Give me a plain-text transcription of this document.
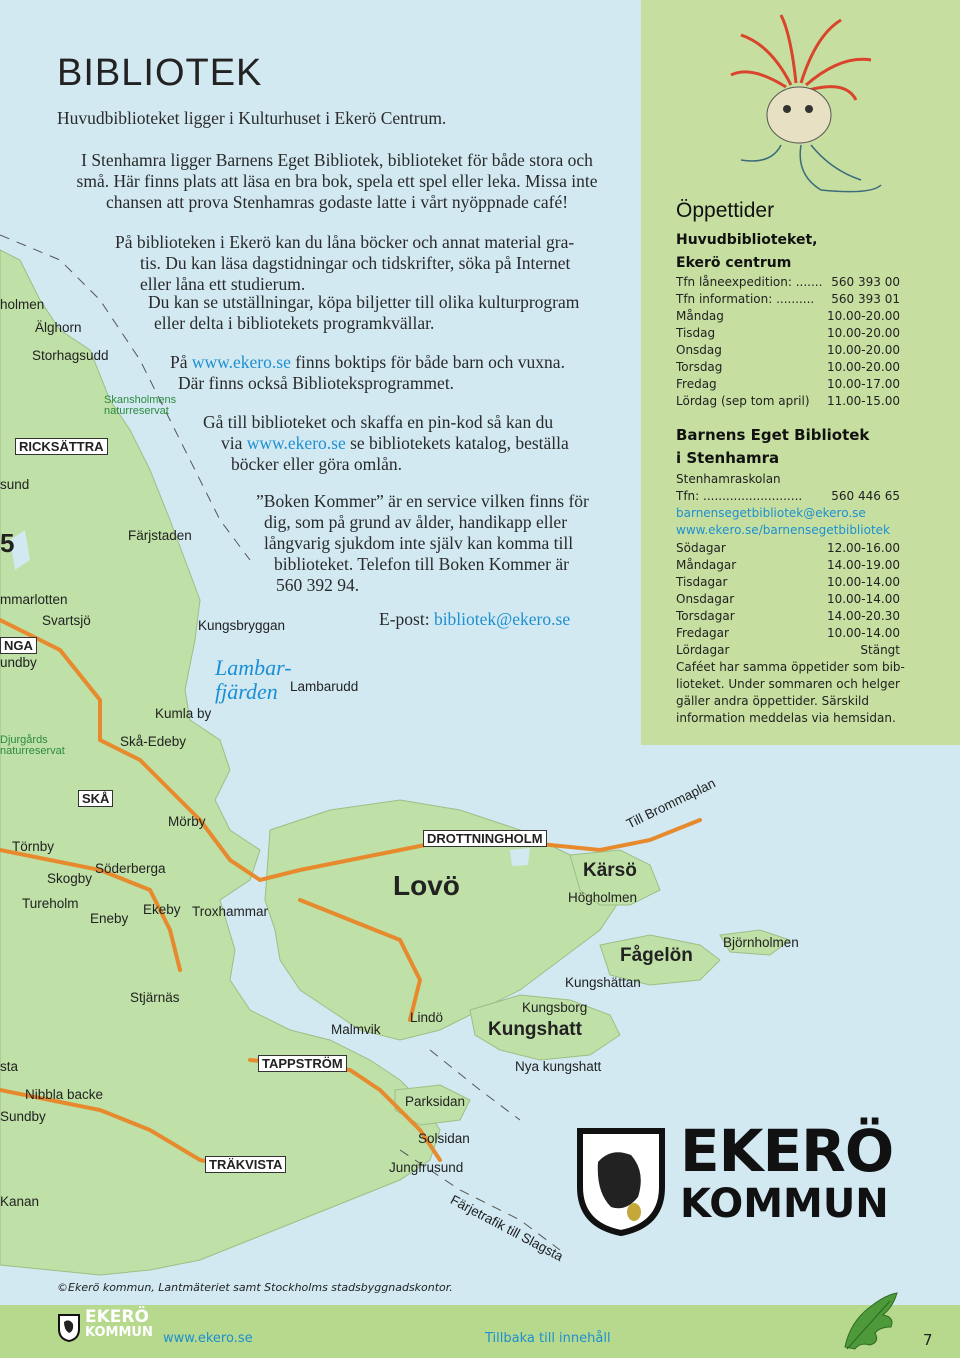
BIBLIOTEK
Huvudbiblioteket ligger i Kulturhuset i Ekerö Centrum.
I Stenhamra ligger Barnens Eget Bibliotek, biblioteket för både stora och
små. Här finns plats att läsa en bra bok, spela ett spel eller leka. Missa inte
chansen att prova Stenhamras godaste latte i vårt nyöppnade café!
På biblioteken i Ekerö kan du låna böcker och annat material gra-
tis. Du kan läsa dagstidningar och tidskrifter, söka på Internet
eller låna ett studierum.
Du kan se utställningar, köpa biljetter till olika kulturprogram
eller delta i bibliotekets programkvällar.
På www.ekero.se finns boktips för både barn och vuxna.
Där finns också Biblioteksprogrammet.
Gå till biblioteket och skaffa en pin-kod så kan du
via www.ekero.se se bibliotekets katalog, beställa
böcker eller göra omlån.
”Boken Kommer” är en service vilken finns för
dig, som på grund av ålder, handikapp eller
långvarig sjukdom inte själv kan komma till
biblioteket. Telefon till Boken Kommer är
560 392 94.
E-post: bibliotek@ekero.se
holmen
Älghorn
Storhagsudd
Skansholmens
naturreservat
RICKSÄTTRA
sund
5	Färjstaden
mmarlotten
Svartsjö
NGA
undby
Kungsbryggan
Lambar-
fjärden Lambarudd
Kumla by
Djurgårds
naturreservat
Skå-Edeby
SKÅ
Mörby
Törnby
Söderberga
Skogby
Tureholm
Eneby
Ekeby Troxhammar
Stjärnäs
DROTTNINGHOLM
Lovö	Kärsö
Högholmen
Till Brommaplan
Fågelön
Björnholmen
Kungshättan
Kungsborg
Kungshatt
Nya kungshatt
Malmvik
Lindö
TAPPSTRÖM
sta
Nibbla backe
Sundby
Parksidan
Solsidan
TRÄKVISTA	Jungfrusund
Kanan	Färjetrafik till Slagsta
Öppettider
Huvudbiblioteket,
Ekerö centrum
Tfn låneexpedition: ....... 560 393 00
Tfn information: .......... 560 393 01
Måndag	10.00-20.00
Tisdag	10.00-20.00
Onsdag	10.00-20.00
Torsdag	10.00-20.00
Fredag	10.00-17.00
Lördag (sep tom april) 11.00-15.00
Barnens Eget Bibliotek
i Stenhamra
Stenhamraskolan
Tfn: .......................... 560 446 65
barnensegetbibliotek@ekero.se
www.ekero.se/barnensegetbibliotek
Södagar	12.00-16.00
Måndagar	14.00-19.00
Tisdagar	10.00-14.00
Onsdagar	10.00-14.00
Torsdagar	14.00-20.30
Fredagar	10.00-14.00
Lördagar	Stängt
Caféet har samma öppetider som bib-
lioteket. Under sommaren och helger
gäller andra öppettider. Särskild
information meddelas via hemsidan.
EKERÖ
KOMMUN
©Ekerö kommun, Lantmäteriet samt Stockholms stadsbyggnadskontor.
EKERÖ
KOMMUN www.ekero.se	Tillbaka till innehåll	7
